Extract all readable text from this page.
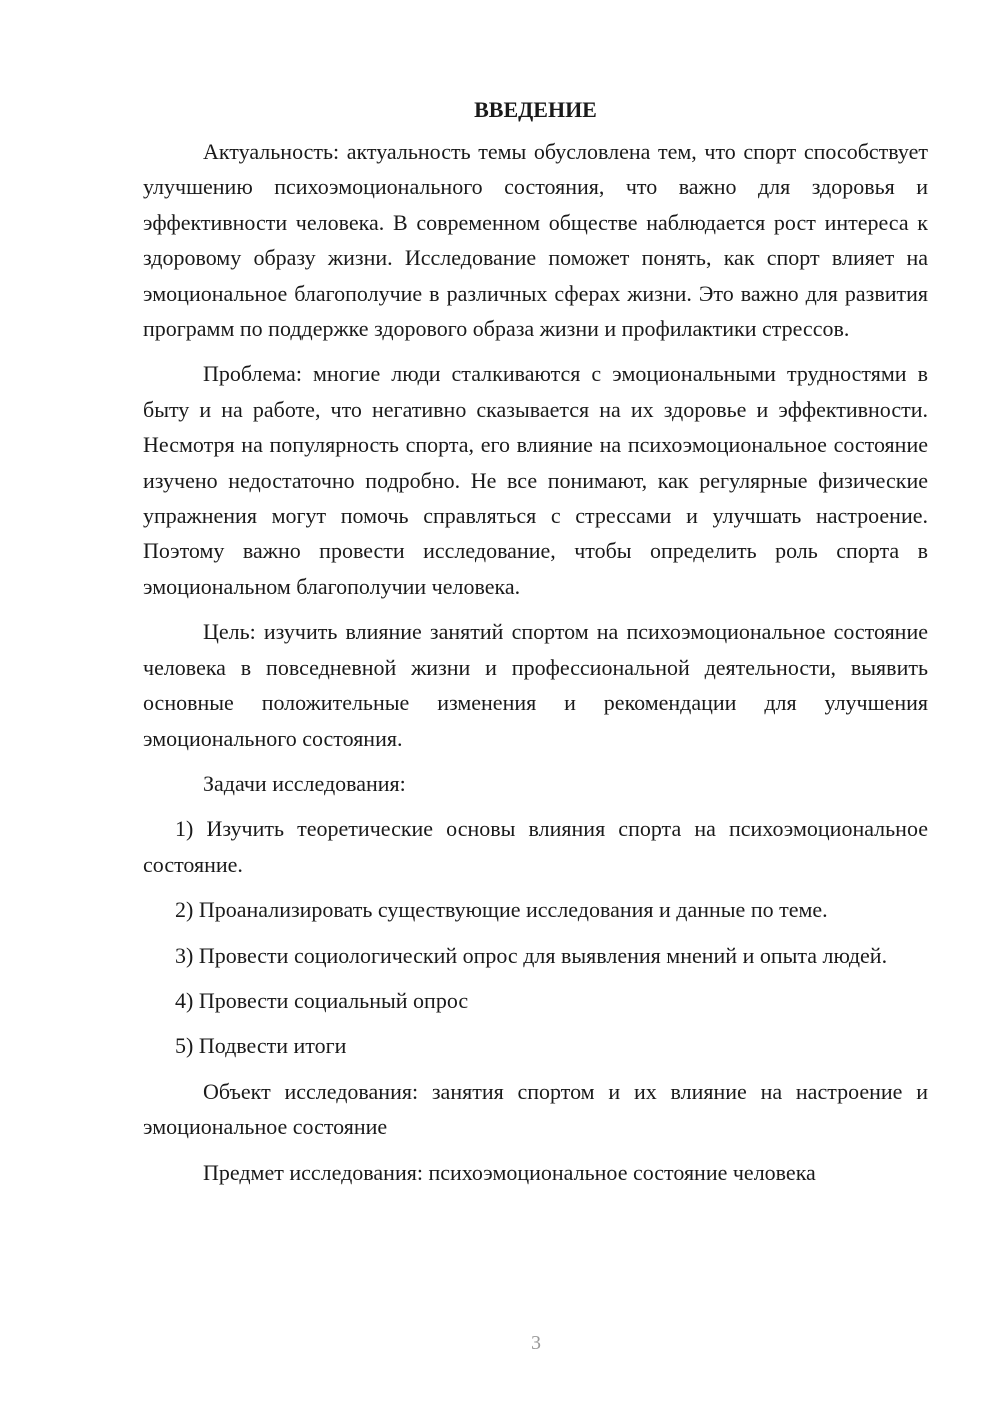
ВВЕДЕНИЕ

Актуальность: актуальность темы обусловлена тем, что спорт способствует улучшению психоэмоционального состояния, что важно для здоровья и эффективности человека. В современном обществе наблюдается рост интереса к здоровому образу жизни. Исследование поможет понять, как спорт влияет на эмоциональное благополучие в различных сферах жизни. Это важно для развития программ по поддержке здорового образа жизни и профилактики стрессов.

Проблема: многие люди сталкиваются с эмоциональными трудностями в быту и на работе, что негативно сказывается на их здоровье и эффективности. Несмотря на популярность спорта, его влияние на психоэмоциональное состояние изучено недостаточно подробно. Не все понимают, как регулярные физические упражнения могут помочь справляться с стрессами и улучшать настроение. Поэтому важно провести исследование, чтобы определить роль спорта в эмоциональном благополучии человека.

Цель: изучить влияние занятий спортом на психоэмоциональное состояние человека в повседневной жизни и профессиональной деятельности, выявить основные положительные изменения и рекомендации для улучшения эмоционального состояния.

Задачи исследования:

1) Изучить теоретические основы влияния спорта на психоэмоциональное состояние.

2) Проанализировать существующие исследования и данные по теме.

3) Провести социологический опрос для выявления мнений и опыта людей.

4) Провести социальный опрос

5) Подвести итоги

Объект исследования: занятия спортом и их влияние на настроение и эмоциональное состояние

Предмет исследования: психоэмоциональное состояние человека

3
